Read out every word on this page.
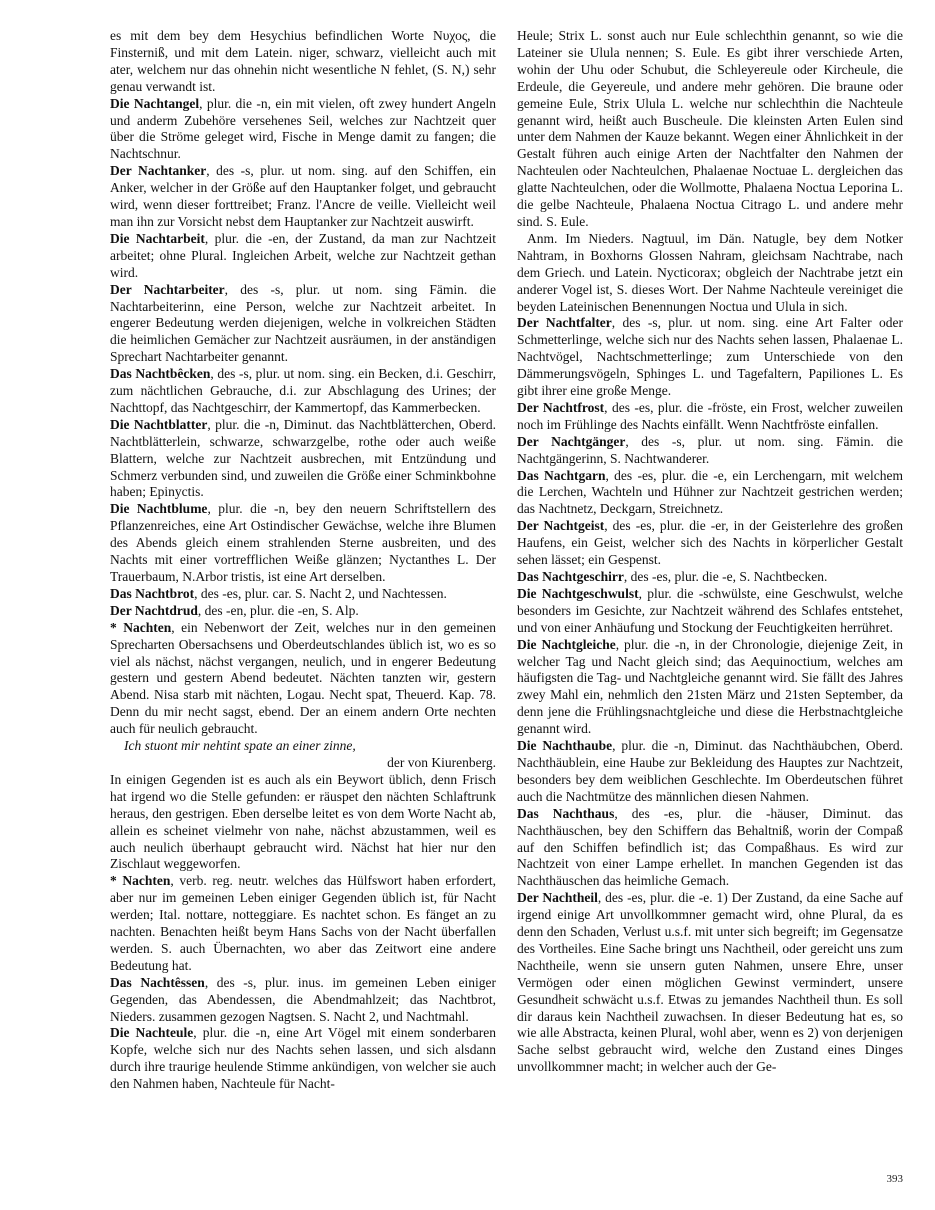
es mit dem bey dem Hesychius befindlichen Worte Nυχος, die Finsterniß, und mit dem Latein. niger, schwarz, vielleicht auch mit ater, welchem nur das ohnehin nicht wesentliche N fehlet, (S. N,) sehr genau verwandt ist.

Die Nachtangel, plur. die -n, ein mit vielen, oft zwey hundert Angeln und anderm Zubehöre versehenes Seil, welches zur Nachtzeit quer über die Ströme geleget wird, Fische in Menge damit zu fangen; die Nachtschnur.

Der Nachtanker, des -s, plur. ut nom. sing. auf den Schiffen, ein Anker, welcher in der Größe auf den Hauptanker folget, und gebraucht wird, wenn dieser forttreibet; Franz. l'Ancre de veille. Vielleicht weil man ihn zur Vorsicht nebst dem Hauptanker zur Nachtzeit auswirft.

Die Nachtarbeit, plur. die -en, der Zustand, da man zur Nachtzeit arbeitet; ohne Plural. Ingleichen Arbeit, welche zur Nachtzeit gethan wird.

Der Nachtarbeiter, des -s, plur. ut nom. sing Fämin. die Nachtarbeiterinn, eine Person, welche zur Nachtzeit arbeitet. In engerer Bedeutung werden diejenigen, welche in volkreichen Städten die heimlichen Gemächer zur Nachtzeit ausräumen, in der anständigen Sprechart Nachtarbeiter genannt.

Das Nachtbêcken, des -s, plur. ut nom. sing. ein Becken, d.i. Geschirr, zum nächtlichen Gebrauche, d.i. zur Abschlagung des Urines; der Nachttopf, das Nachtgeschirr, der Kammertopf, das Kammerbecken.

Die Nachtblatter, plur. die -n, Diminut. das Nachtblätterchen, Oberd. Nachtblätterlein, schwarze, schwarzgelbe, rothe oder auch weiße Blattern, welche zur Nachtzeit ausbrechen, mit Entzündung und Schmerz verbunden sind, und zuweilen die Größe einer Schminkbohne haben; Epinyctis.

Die Nachtblume, plur. die -n, bey den neuern Schriftstellern des Pflanzenreiches, eine Art Ostindischer Gewächse, welche ihre Blumen des Abends gleich einem strahlenden Sterne ausbreiten, und des Nachts mit einer vortrefflichen Weiße glänzen; Nyctanthes L. Der Trauerbaum, N.Arbor tristis, ist eine Art derselben.

Das Nachtbrot, des -es, plur. car. S. Nacht 2, und Nachtessen.

Der Nachtdrud, des -en, plur. die -en, S. Alp.

* Nachten, ein Nebenwort der Zeit, welches nur in den gemeinen Sprecharten Obersachsens und Oberdeutschlandes üblich ist, wo es so viel als nächst, nächst vergangen, neulich, und in engerer Bedeutung gestern und gestern Abend bedeutet. Nächten tanzten wir, gestern Abend. Nisa starb mit nächten, Logau. Necht spat, Theuerd. Kap. 78. Denn du mir necht sagst, ebend. Der an einem andern Orte nechten auch für neulich gebraucht.

Ich stuont mir nehtint spate an einer zinne,

der von Kiurenberg.

In einigen Gegenden ist es auch als ein Beywort üblich, denn Frisch hat irgend wo die Stelle gefunden: er räuspet den nächten Schlaftrunk heraus, den gestrigen. Eben derselbe leitet es von dem Worte Nacht ab, allein es scheinet vielmehr von nahe, nächst abzustammen, weil es auch neulich überhaupt gebraucht wird. Nächst hat hier nur den Zischlaut weggeworfen.

* Nachten, verb. reg. neutr. welches das Hülfswort haben erfordert, aber nur im gemeinen Leben einiger Gegenden üblich ist, für Nacht werden; Ital. nottare, notteggiare. Es nachtet schon. Es fänget an zu nachten. Benachten heißt beym Hans Sachs von der Nacht überfallen werden. S. auch Übernachten, wo aber das Zeitwort eine andere Bedeutung hat.

Das Nachtêssen, des -s, plur. inus. im gemeinen Leben einiger Gegenden, das Abendessen, die Abendmahlzeit; das Nachtbrot, Nieders. zusammen gezogen Nagtsen. S. Nacht 2, und Nachtmahl.

Die Nachteule, plur. die -n, eine Art Vögel mit einem sonderbaren Kopfe, welche sich nur des Nachts sehen lassen, und sich alsdann durch ihre traurige heulende Stimme ankündigen, von welcher sie auch den Nahmen haben, Nachteule für Nacht-

Heule; Strix L. sonst auch nur Eule schlechthin genannt, so wie die Lateiner sie Ulula nennen; S. Eule. Es gibt ihrer verschiede Arten, wohin der Uhu oder Schubut, die Schleyereule oder Kircheule, die Erdeule, die Geyereule, und andere mehr gehören. Die braune oder gemeine Eule, Strix Ulula L. welche nur schlechthin die Nachteule genannt wird, heißt auch Buscheule. Die kleinsten Arten Eulen sind unter dem Nahmen der Kauze bekannt. Wegen einer Ähnlichkeit in der Gestalt führen auch einige Arten der Nachtfalter den Nahmen der Nachteulen oder Nachteulchen, Phalaenae Noctuae L. dergleichen das glatte Nachteulchen, oder die Wollmotte, Phalaena Noctua Leporina L. die gelbe Nachteule, Phalaena Noctua Citrago L. und andere mehr sind. S. Eule.

Anm. Im Nieders. Nagtuul, im Dän. Natugle, bey dem Notker Nahtram, in Boxhorns Glossen Nahram, gleichsam Nachtrabe, nach dem Griech. und Latein. Nycticorax; obgleich der Nachtrabe jetzt ein anderer Vogel ist, S. dieses Wort. Der Nahme Nachteule vereiniget die beyden Lateinischen Benennungen Noctua und Ulula in sich.

Der Nachtfalter, des -s, plur. ut nom. sing. eine Art Falter oder Schmetterlinge, welche sich nur des Nachts sehen lassen, Phalaenae L. Nachtvögel, Nachtschmetterlinge; zum Unterschiede von den Dämmerungsvögeln, Sphinges L. und Tagefaltern, Papiliones L. Es gibt ihrer eine große Menge.

Der Nachtfrost, des -es, plur. die -fröste, ein Frost, welcher zuweilen noch im Frühlinge des Nachts einfällt. Wenn Nachtfröste einfallen.

Der Nachtgänger, des -s, plur. ut nom. sing. Fämin. die Nachtgängerinn, S. Nachtwanderer.

Das Nachtgarn, des -es, plur. die -e, ein Lerchengarn, mit welchem die Lerchen, Wachteln und Hühner zur Nachtzeit gestrichen werden; das Nachtnetz, Deckgarn, Streichnetz.

Der Nachtgeist, des -es, plur. die -er, in der Geisterlehre des großen Haufens, ein Geist, welcher sich des Nachts in körperlicher Gestalt sehen lässet; ein Gespenst.

Das Nachtgeschirr, des -es, plur. die -e, S. Nachtbecken.

Die Nachtgeschwulst, plur. die -schwülste, eine Geschwulst, welche besonders im Gesichte, zur Nachtzeit während des Schlafes entstehet, und von einer Anhäufung und Stockung der Feuchtigkeiten herrühret.

Die Nachtgleiche, plur. die -n, in der Chronologie, diejenige Zeit, in welcher Tag und Nacht gleich sind; das Aequinoctium, welches am häufigsten die Tag- und Nachtgleiche genannt wird. Sie fällt des Jahres zwey Mahl ein, nehmlich den 21sten März und 21sten September, da denn jene die Frühlingsnachtgleiche und diese die Herbstnachtgleiche genannt wird.

Die Nachthaube, plur. die -n, Diminut. das Nachthäubchen, Oberd. Nachthäublein, eine Haube zur Bekleidung des Hauptes zur Nachtzeit, besonders bey dem weiblichen Geschlechte. Im Oberdeutschen führet auch die Nachtmütze des männlichen diesen Nahmen.

Das Nachthaus, des -es, plur. die -häuser, Diminut. das Nachthäuschen, bey den Schiffern das Behaltniß, worin der Compaß auf den Schiffen befindlich ist; das Compaßhaus. Es wird zur Nachtzeit von einer Lampe erhellet. In manchen Gegenden ist das Nachthäuschen das heimliche Gemach.

Der Nachtheil, des -es, plur. die -e. 1) Der Zustand, da eine Sache auf irgend einige Art unvollkommner gemacht wird, ohne Plural, da es denn den Schaden, Verlust u.s.f. mit unter sich begreift; im Gegensatze des Vortheiles. Eine Sache bringt uns Nachtheil, oder gereicht uns zum Nachtheile, wenn sie unsern guten Nahmen, unsere Ehre, unser Vermögen oder einen möglichen Gewinst vermindert, unsere Gesundheit schwächt u.s.f. Etwas zu jemandes Nachtheil thun. Es soll dir daraus kein Nachtheil zuwachsen. In dieser Bedeutung hat es, so wie alle Abstracta, keinen Plural, wohl aber, wenn es 2) von derjenigen Sache selbst gebraucht wird, welche den Zustand eines Dinges unvollkommner macht; in welcher auch der Ge-

393
